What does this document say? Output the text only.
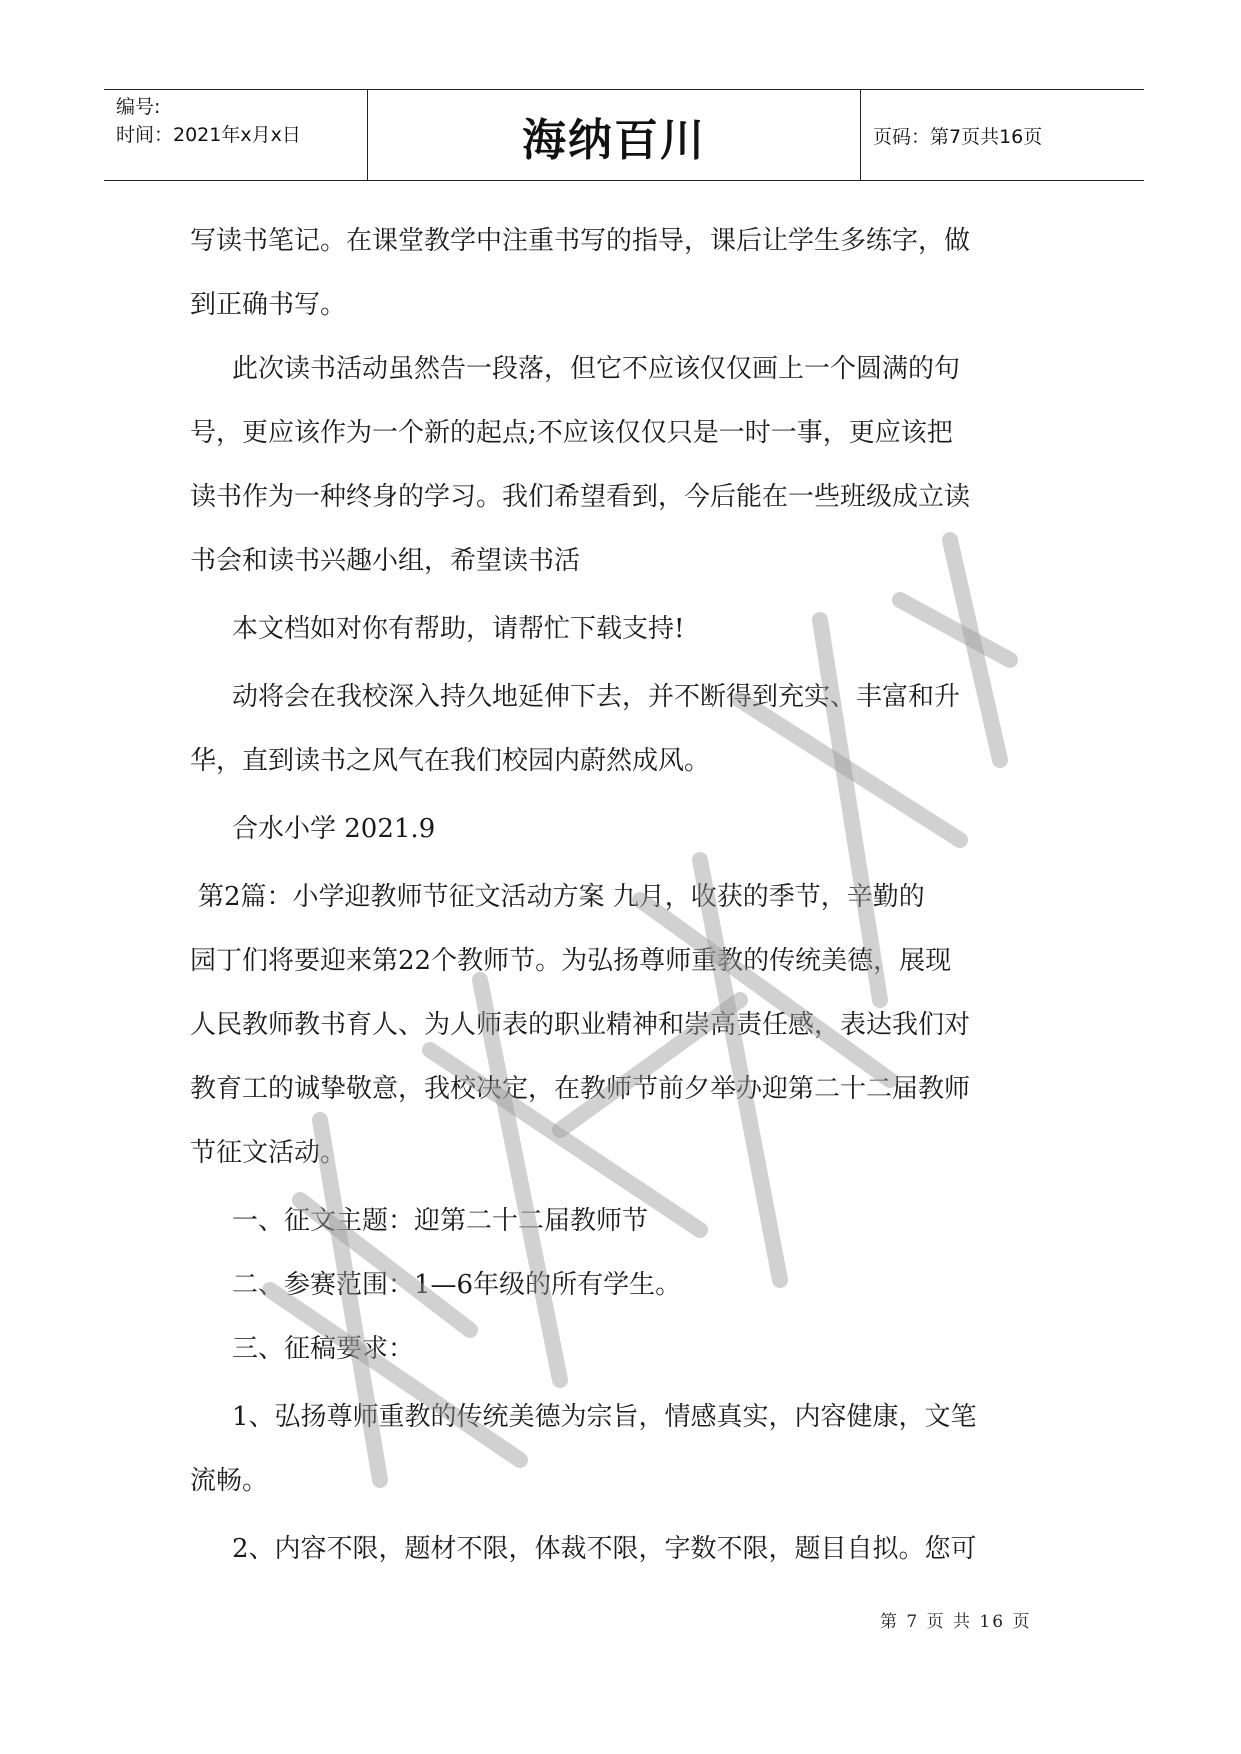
编号:
时间：2021年x月x日	海纳百川	页码：第7页共16页
写读书笔记。在课堂教学中注重书写的指导，课后让学生多练字，做
到正确书写。
此次读书活动虽然告一段落，但它不应该仅仅画上一个圆满的句
号，更应该作为一个新的起点;不应该仅仅只是一时一事，更应该把
读书作为一种终身的学习。我们希望看到，今后能在一些班级成立读
书会和读书兴趣小组，希望读书活
本文档如对你有帮助，请帮忙下载支持!
动将会在我校深入持久地延伸下去，并不断得到充实、丰富和升
华，直到读书之风气在我们校园内蔚然成风。
合水小学 2021.9
第2篇：小学迎教师节征文活动方案 九月，收获的季节，辛勤的
园丁们将要迎来第22个教师节。为弘扬尊师重教的传统美德，展现
人民教师教书育人、为人师表的职业精神和崇高责任感，表达我们对
教育工的诚挚敬意，我校决定，在教师节前夕举办迎第二十二届教师
节征文活动。
一、征文主题：迎第二十二届教师节
二、参赛范围：1—6年级的所有学生。
三、征稿要求：
1、弘扬尊师重教的传统美德为宗旨，情感真实，内容健康，文笔
流畅。
2、内容不限，题材不限，体裁不限，字数不限，题目自拟。您可
第 7 页 共 16 页
